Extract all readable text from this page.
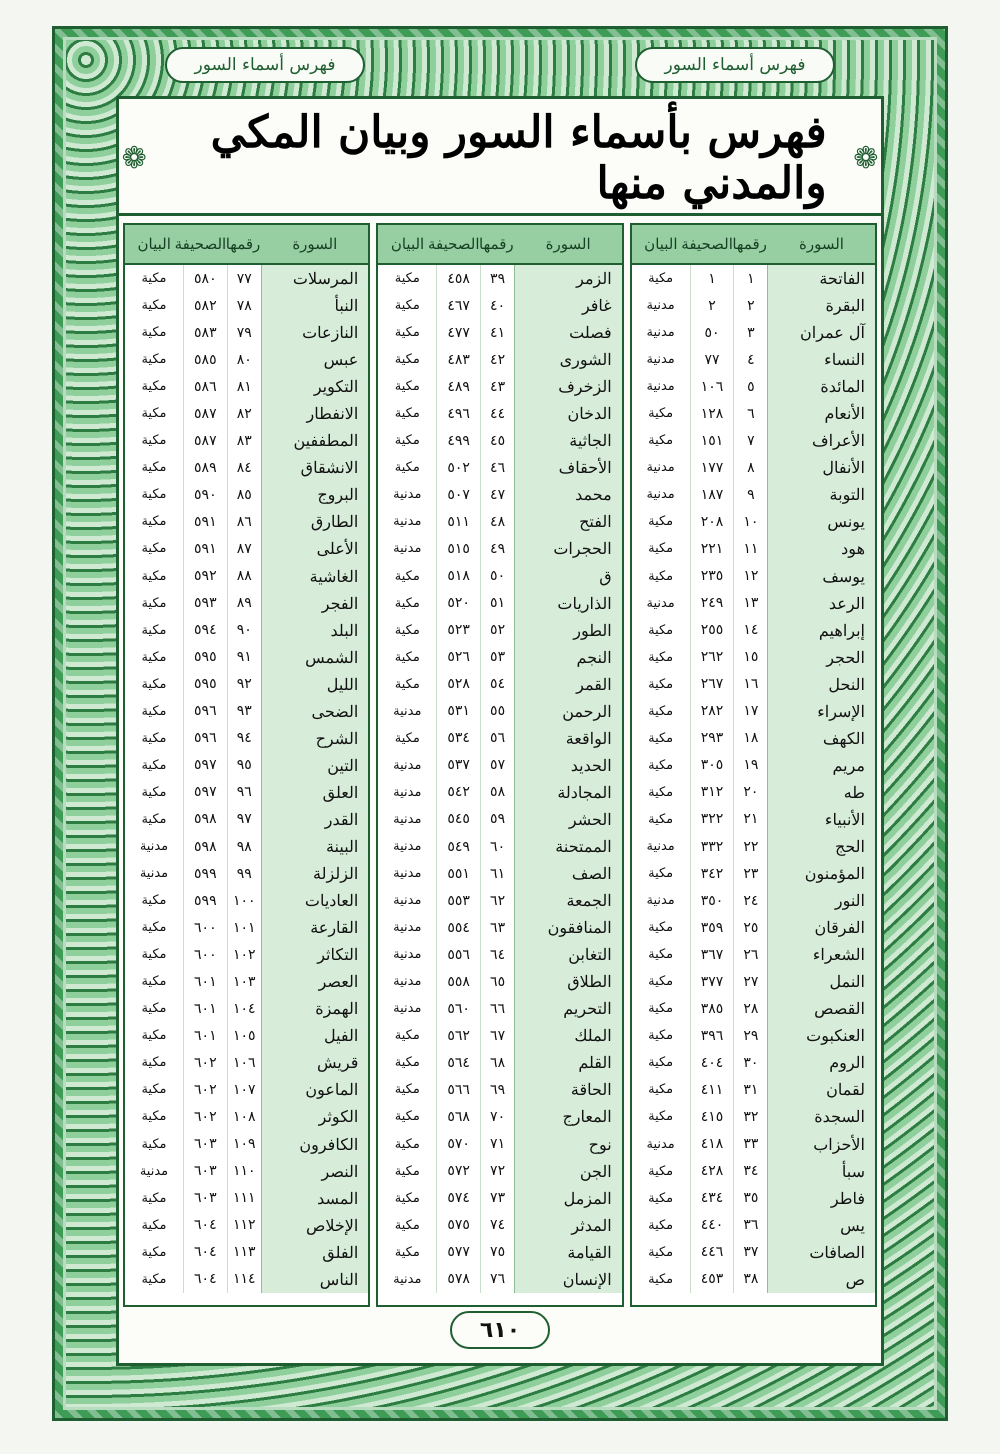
فهرس أسماء السور	فهرس أسماء السور
❁	فهرس بأسماء السور وبيان المكي والمدني منها ❁
السورة	رقمها	الصحيفة	البيان
الفاتحة	١	١	مكية
البقرة	٢	٢	مدنية
آل عمران	٣	٥٠	مدنية
النساء	٤	٧٧	مدنية
المائدة	٥	١٠٦	مدنية
الأنعام	٦	١٢٨	مكية
الأعراف	٧	١٥١	مكية
الأنفال	٨	١٧٧	مدنية
التوبة	٩	١٨٧	مدنية
يونس	١٠	٢٠٨	مكية
هود	١١	٢٢١	مكية
يوسف	١٢	٢٣٥	مكية
الرعد	١٣	٢٤٩	مدنية
إبراهيم	١٤	٢٥٥	مكية
الحجر	١٥	٢٦٢	مكية
النحل	١٦	٢٦٧	مكية
الإسراء	١٧	٢٨٢	مكية
الكهف	١٨	٢٩٣	مكية
مريم	١٩	٣٠٥	مكية
طه	٢٠	٣١٢	مكية
الأنبياء	٢١	٣٢٢	مكية
الحج	٢٢	٣٣٢	مدنية
المؤمنون	٢٣	٣٤٢	مكية
النور	٢٤	٣٥٠	مدنية
الفرقان	٢٥	٣٥٩	مكية
الشعراء	٢٦	٣٦٧	مكية
النمل	٢٧	٣٧٧	مكية
القصص	٢٨	٣٨٥	مكية
العنكبوت	٢٩	٣٩٦	مكية
الروم	٣٠	٤٠٤	مكية
لقمان	٣١	٤١١	مكية
السجدة	٣٢	٤١٥	مكية
الأحزاب	٣٣	٤١٨	مدنية
سبأ	٣٤	٤٢٨	مكية
فاطر	٣٥	٤٣٤	مكية
يس	٣٦	٤٤٠	مكية
الصافات	٣٧	٤٤٦	مكية
ص	٣٨	٤٥٣	مكية
السورة	رقمها	الصحيفة	البيان
الزمر	٣٩	٤٥٨	مكية
غافر	٤٠	٤٦٧	مكية
فصلت	٤١	٤٧٧	مكية
الشورى	٤٢	٤٨٣	مكية
الزخرف	٤٣	٤٨٩	مكية
الدخان	٤٤	٤٩٦	مكية
الجاثية	٤٥	٤٩٩	مكية
الأحقاف	٤٦	٥٠٢	مكية
محمد	٤٧	٥٠٧	مدنية
الفتح	٤٨	٥١١	مدنية
الحجرات	٤٩	٥١٥	مدنية
ق	٥٠	٥١٨	مكية
الذاريات	٥١	٥٢٠	مكية
الطور	٥٢	٥٢٣	مكية
النجم	٥٣	٥٢٦	مكية
القمر	٥٤	٥٢٨	مكية
الرحمن	٥٥	٥٣١	مدنية
الواقعة	٥٦	٥٣٤	مكية
الحديد	٥٧	٥٣٧	مدنية
المجادلة	٥٨	٥٤٢	مدنية
الحشر	٥٩	٥٤٥	مدنية
الممتحنة	٦٠	٥٤٩	مدنية
الصف	٦١	٥٥١	مدنية
الجمعة	٦٢	٥٥٣	مدنية
المنافقون	٦٣	٥٥٤	مدنية
التغابن	٦٤	٥٥٦	مدنية
الطلاق	٦٥	٥٥٨	مدنية
التحريم	٦٦	٥٦٠	مدنية
الملك	٦٧	٥٦٢	مكية
القلم	٦٨	٥٦٤	مكية
الحاقة	٦٩	٥٦٦	مكية
المعارج	٧٠	٥٦٨	مكية
نوح	٧١	٥٧٠	مكية
الجن	٧٢	٥٧٢	مكية
المزمل	٧٣	٥٧٤	مكية
المدثر	٧٤	٥٧٥	مكية
القيامة	٧٥	٥٧٧	مكية
الإنسان	٧٦	٥٧٨	مدنية
السورة	رقمها	الصحيفة	البيان
المرسلات	٧٧	٥٨٠	مكية
النبأ	٧٨	٥٨٢	مكية
النازعات	٧٩	٥٨٣	مكية
عبس	٨٠	٥٨٥	مكية
التكوير	٨١	٥٨٦	مكية
الانفطار	٨٢	٥٨٧	مكية
المطففين	٨٣	٥٨٧	مكية
الانشقاق	٨٤	٥٨٩	مكية
البروج	٨٥	٥٩٠	مكية
الطارق	٨٦	٥٩١	مكية
الأعلى	٨٧	٥٩١	مكية
الغاشية	٨٨	٥٩٢	مكية
الفجر	٨٩	٥٩٣	مكية
البلد	٩٠	٥٩٤	مكية
الشمس	٩١	٥٩٥	مكية
الليل	٩٢	٥٩٥	مكية
الضحى	٩٣	٥٩٦	مكية
الشرح	٩٤	٥٩٦	مكية
التين	٩٥	٥٩٧	مكية
العلق	٩٦	٥٩٧	مكية
القدر	٩٧	٥٩٨	مكية
البينة	٩٨	٥٩٨	مدنية
الزلزلة	٩٩	٥٩٩	مدنية
العاديات	١٠٠	٥٩٩	مكية
القارعة	١٠١	٦٠٠	مكية
التكاثر	١٠٢	٦٠٠	مكية
العصر	١٠٣	٦٠١	مكية
الهمزة	١٠٤	٦٠١	مكية
الفيل	١٠٥	٦٠١	مكية
قريش	١٠٦	٦٠٢	مكية
الماعون	١٠٧	٦٠٢	مكية
الكوثر	١٠٨	٦٠٢	مكية
الكافرون	١٠٩	٦٠٣	مكية
النصر	١١٠	٦٠٣	مدنية
المسد	١١١	٦٠٣	مكية
الإخلاص	١١٢	٦٠٤	مكية
الفلق	١١٣	٦٠٤	مكية
الناس	١١٤	٦٠٤	مكية
٦١٠
